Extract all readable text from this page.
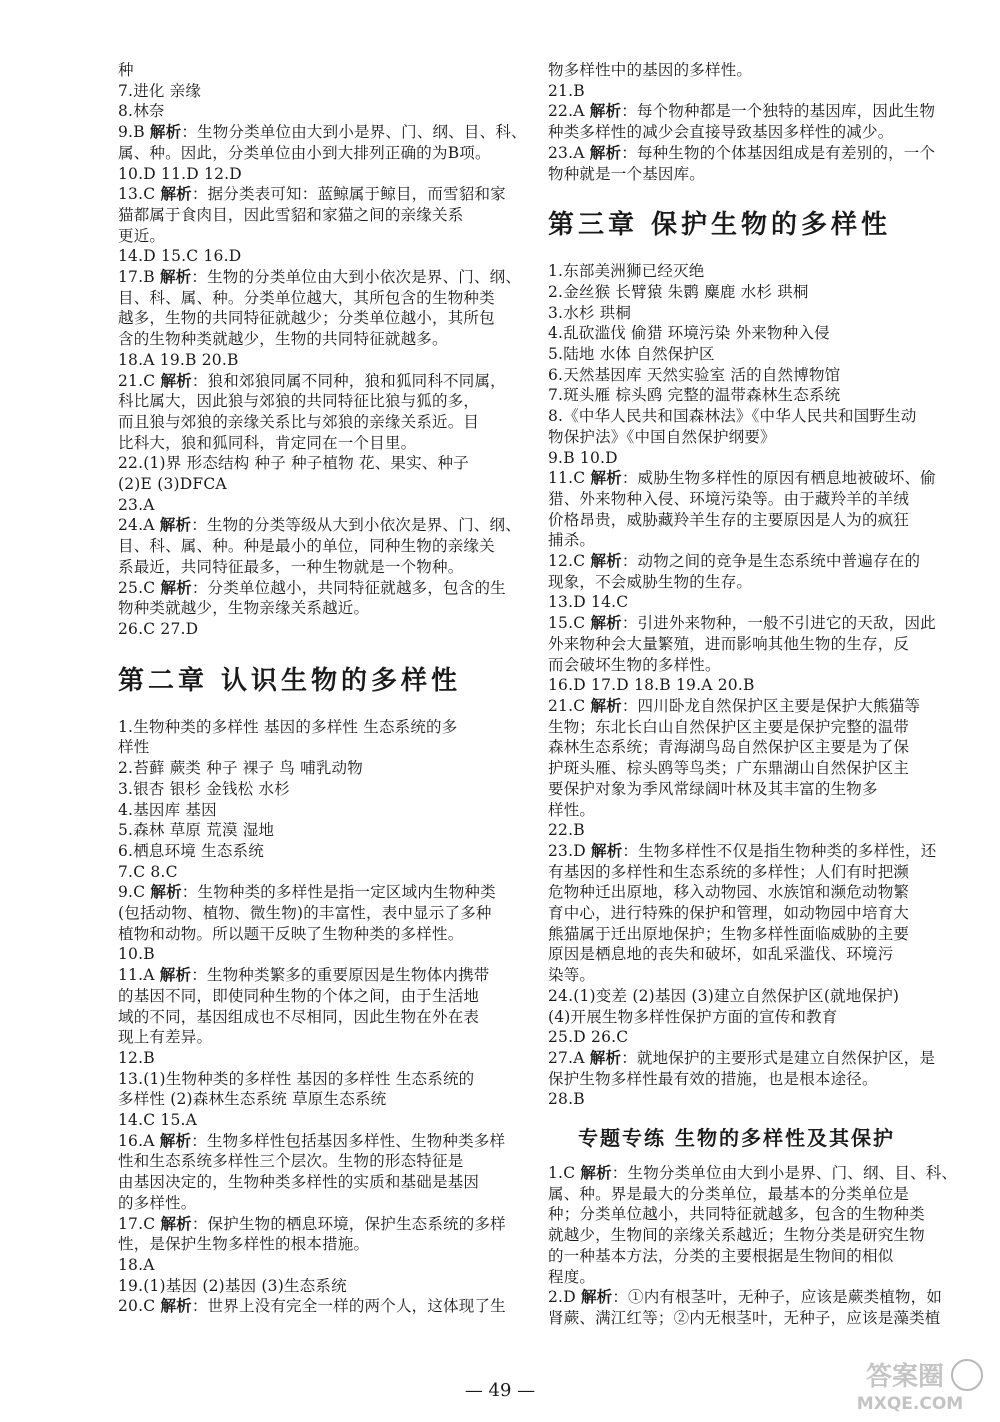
种
7.进化 亲缘
8.林奈
9.B 解析：生物分类单位由大到小是界、门、纲、目、科、
属、种。因此，分类单位由小到大排列正确的为B项。
10.D 11.D 12.D
13.C 解析：据分类表可知：蓝鲸属于鲸目，而雪貂和家
猫都属于食肉目，因此雪貂和家猫之间的亲缘关系
更近。
14.D 15.C 16.D
17.B 解析：生物的分类单位由大到小依次是界、门、纲、
目、科、属、种。分类单位越大，其所包含的生物种类
越多，生物的共同特征就越少；分类单位越小，其所包
含的生物种类就越少，生物的共同特征就越多。
18.A 19.B 20.B
21.C 解析：狼和郊狼同属不同种，狼和狐同科不同属，
科比属大，因此狼与郊狼的共同特征比狼与狐的多，
而且狼与郊狼的亲缘关系比与郊狼的亲缘关系近。目
比科大，狼和狐同科，肯定同在一个目里。
22.(1)界 形态结构 种子 种子植物 花、果实、种子
(2)E (3)DFCA
23.A
24.A 解析：生物的分类等级从大到小依次是界、门、纲、
目、科、属、种。种是最小的单位，同种生物的亲缘关
系最近，共同特征最多，一种生物就是一个物种。
25.C 解析：分类单位越小，共同特征就越多，包含的生
物种类就越少，生物亲缘关系越近。
26.C 27.D
第二章 认识生物的多样性
1.生物种类的多样性 基因的多样性 生态系统的多
样性
2.苔藓 蕨类 种子 裸子 鸟 哺乳动物
3.银杏 银杉 金钱松 水杉
4.基因库 基因
5.森林 草原 荒漠 湿地
6.栖息环境 生态系统
7.C 8.C
9.C 解析：生物种类的多样性是指一定区域内生物种类
(包括动物、植物、微生物)的丰富性，表中显示了多种
植物和动物。所以题干反映了生物种类的多样性。
10.B
11.A 解析：生物种类繁多的重要原因是生物体内携带
的基因不同，即使同种生物的个体之间，由于生活地
域的不同，基因组成也不尽相同，因此生物在外在表
现上有差异。
12.B
13.(1)生物种类的多样性 基因的多样性 生态系统的
多样性 (2)森林生态系统 草原生态系统
14.C 15.A
16.A 解析：生物多样性包括基因多样性、生物种类多样
性和生态系统多样性三个层次。生物的形态特征是
由基因决定的，生物种类多样性的实质和基础是基因
的多样性。
17.C 解析：保护生物的栖息环境，保护生态系统的多样
性，是保护生物多样性的根本措施。
18.A
19.(1)基因 (2)基因 (3)生态系统
20.C 解析：世界上没有完全一样的两个人，这体现了生
物多样性中的基因的多样性。
21.B
22.A 解析：每个物种都是一个独特的基因库，因此生物
种类多样性的减少会直接导致基因多样性的减少。
23.A 解析：每种生物的个体基因组成是有差别的，一个
物种就是一个基因库。
第三章 保护生物的多样性
1.东部美洲狮已经灭绝
2.金丝猴 长臂猿 朱鹮 麋鹿 水杉 珙桐
3.水杉 珙桐
4.乱砍滥伐 偷猎 环境污染 外来物种入侵
5.陆地 水体 自然保护区
6.天然基因库 天然实验室 活的自然博物馆
7.斑头雁 棕头鸥 完整的温带森林生态系统
8.《中华人民共和国森林法》《中华人民共和国野生动
物保护法》《中国自然保护纲要》
9.B 10.D
11.C 解析：威胁生物多样性的原因有栖息地被破坏、偷
猎、外来物种入侵、环境污染等。由于藏羚羊的羊绒
价格昂贵，威胁藏羚羊生存的主要原因是人为的疯狂
捕杀。
12.C 解析：动物之间的竞争是生态系统中普遍存在的
现象，不会威胁生物的生存。
13.D 14.C
15.C 解析：引进外来物种，一般不引进它的天敌，因此
外来物种会大量繁殖，进而影响其他生物的生存，反
而会破坏生物的多样性。
16.D 17.D 18.B 19.A 20.B
21.C 解析：四川卧龙自然保护区主要是保护大熊猫等
生物；东北长白山自然保护区主要是保护完整的温带
森林生态系统；青海湖鸟岛自然保护区主要是为了保
护斑头雁、棕头鸥等鸟类；广东鼎湖山自然保护区主
要保护对象为季风常绿阔叶林及其丰富的生物多
样性。
22.B
23.D 解析：生物多样性不仅是指生物种类的多样性，还
有基因的多样性和生态系统的多样性；人们有时把濒
危物种迁出原地，移入动物园、水族馆和濒危动物繁
育中心，进行特殊的保护和管理，如动物园中培育大
熊猫属于迁出原地保护；生物多样性面临威胁的主要
原因是栖息地的丧失和破坏，如乱采滥伐、环境污
染等。
24.(1)变差 (2)基因 (3)建立自然保护区(就地保护)
(4)开展生物多样性保护方面的宣传和教育
25.D 26.C
27.A 解析：就地保护的主要形式是建立自然保护区，是
保护生物多样性最有效的措施，也是根本途径。
28.B
专题专练 生物的多样性及其保护
1.C 解析：生物分类单位由大到小是界、门、纲、目、科、
属、种。界是最大的分类单位，最基本的分类单位是
种；分类单位越小，共同特征就越多，包含的生物种类
就越少，生物间的亲缘关系越近；生物分类是研究生物
的一种基本方法，分类的主要根据是生物间的相似
程度。
2.D 解析：①内有根茎叶，无种子，应该是蕨类植物，如
肾蕨、满江红等；②内无根茎叶，无种子，应该是藻类植
— 49 —	答案圈
MXQE.COM
